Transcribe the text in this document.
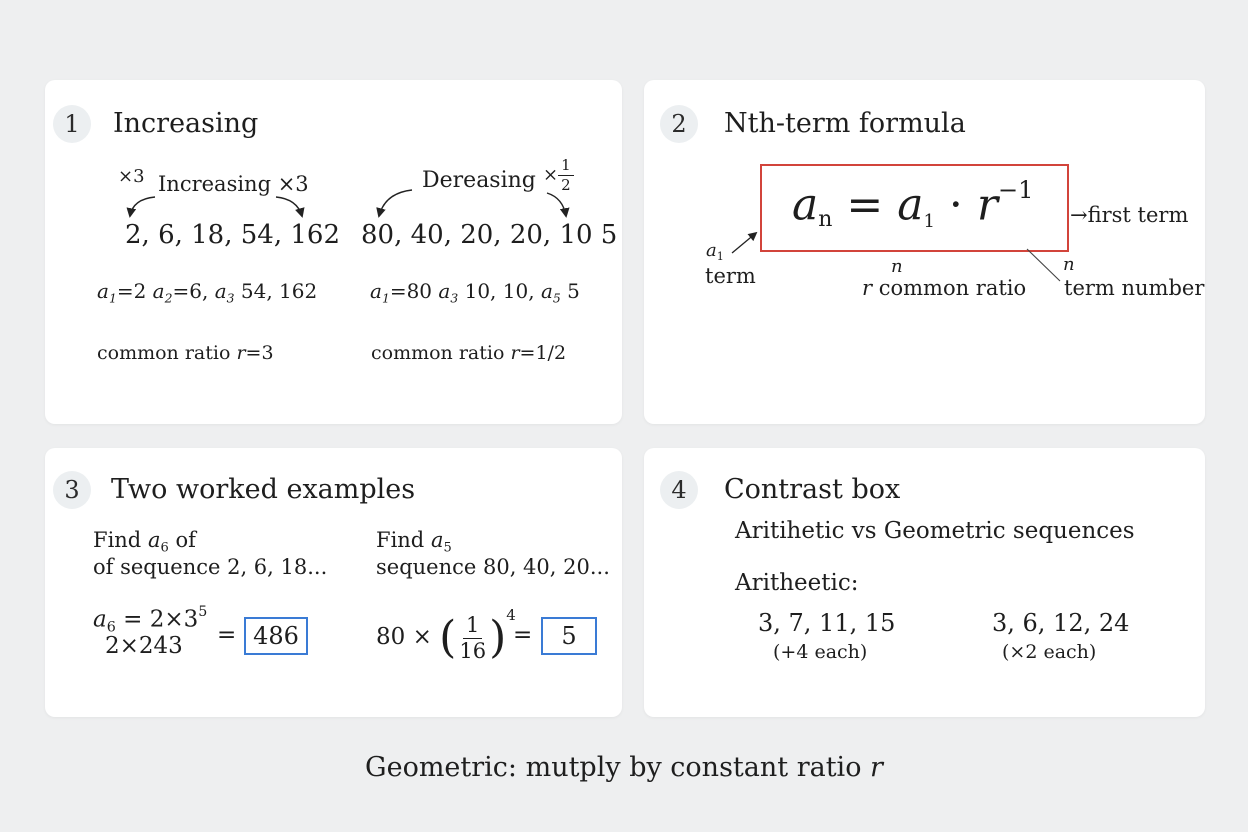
1	Increasing
×3 Increasing ×3
2, 6, 18, 54, 162
$a_1=2$ $a_2=6$, $a_3$ 54, 162
common ratio r=3
Dereasing × $\frac{1}{2}$
80, 40, 20, 20, 10 5
$a_1=80$ $a_3$ 10, 10, $a_5$ 5
common ratio r=1/2
2	Nth-term formula
an = $a1 \cdot r^{-1}$
→first term
$a_1$
term	n
r common ratio
n
term number
3	Two worked examples
Find $a_6$ of
of sequence 2, 6, 18...
$a_6 = 2\times 3^5$
2×243 = 486
Find $a_5$
sequence 80, 40, 20...
80 × ( $\frac{1}{16} )^4$
=	5
4	Contrast box
Aritihetic vs Geometric sequences
Aritheetic:
3, 7, 11, 15
(+4 each)
3, 6, 12, 24
(×2 each)
Geometric: mutply by constant ratio r
